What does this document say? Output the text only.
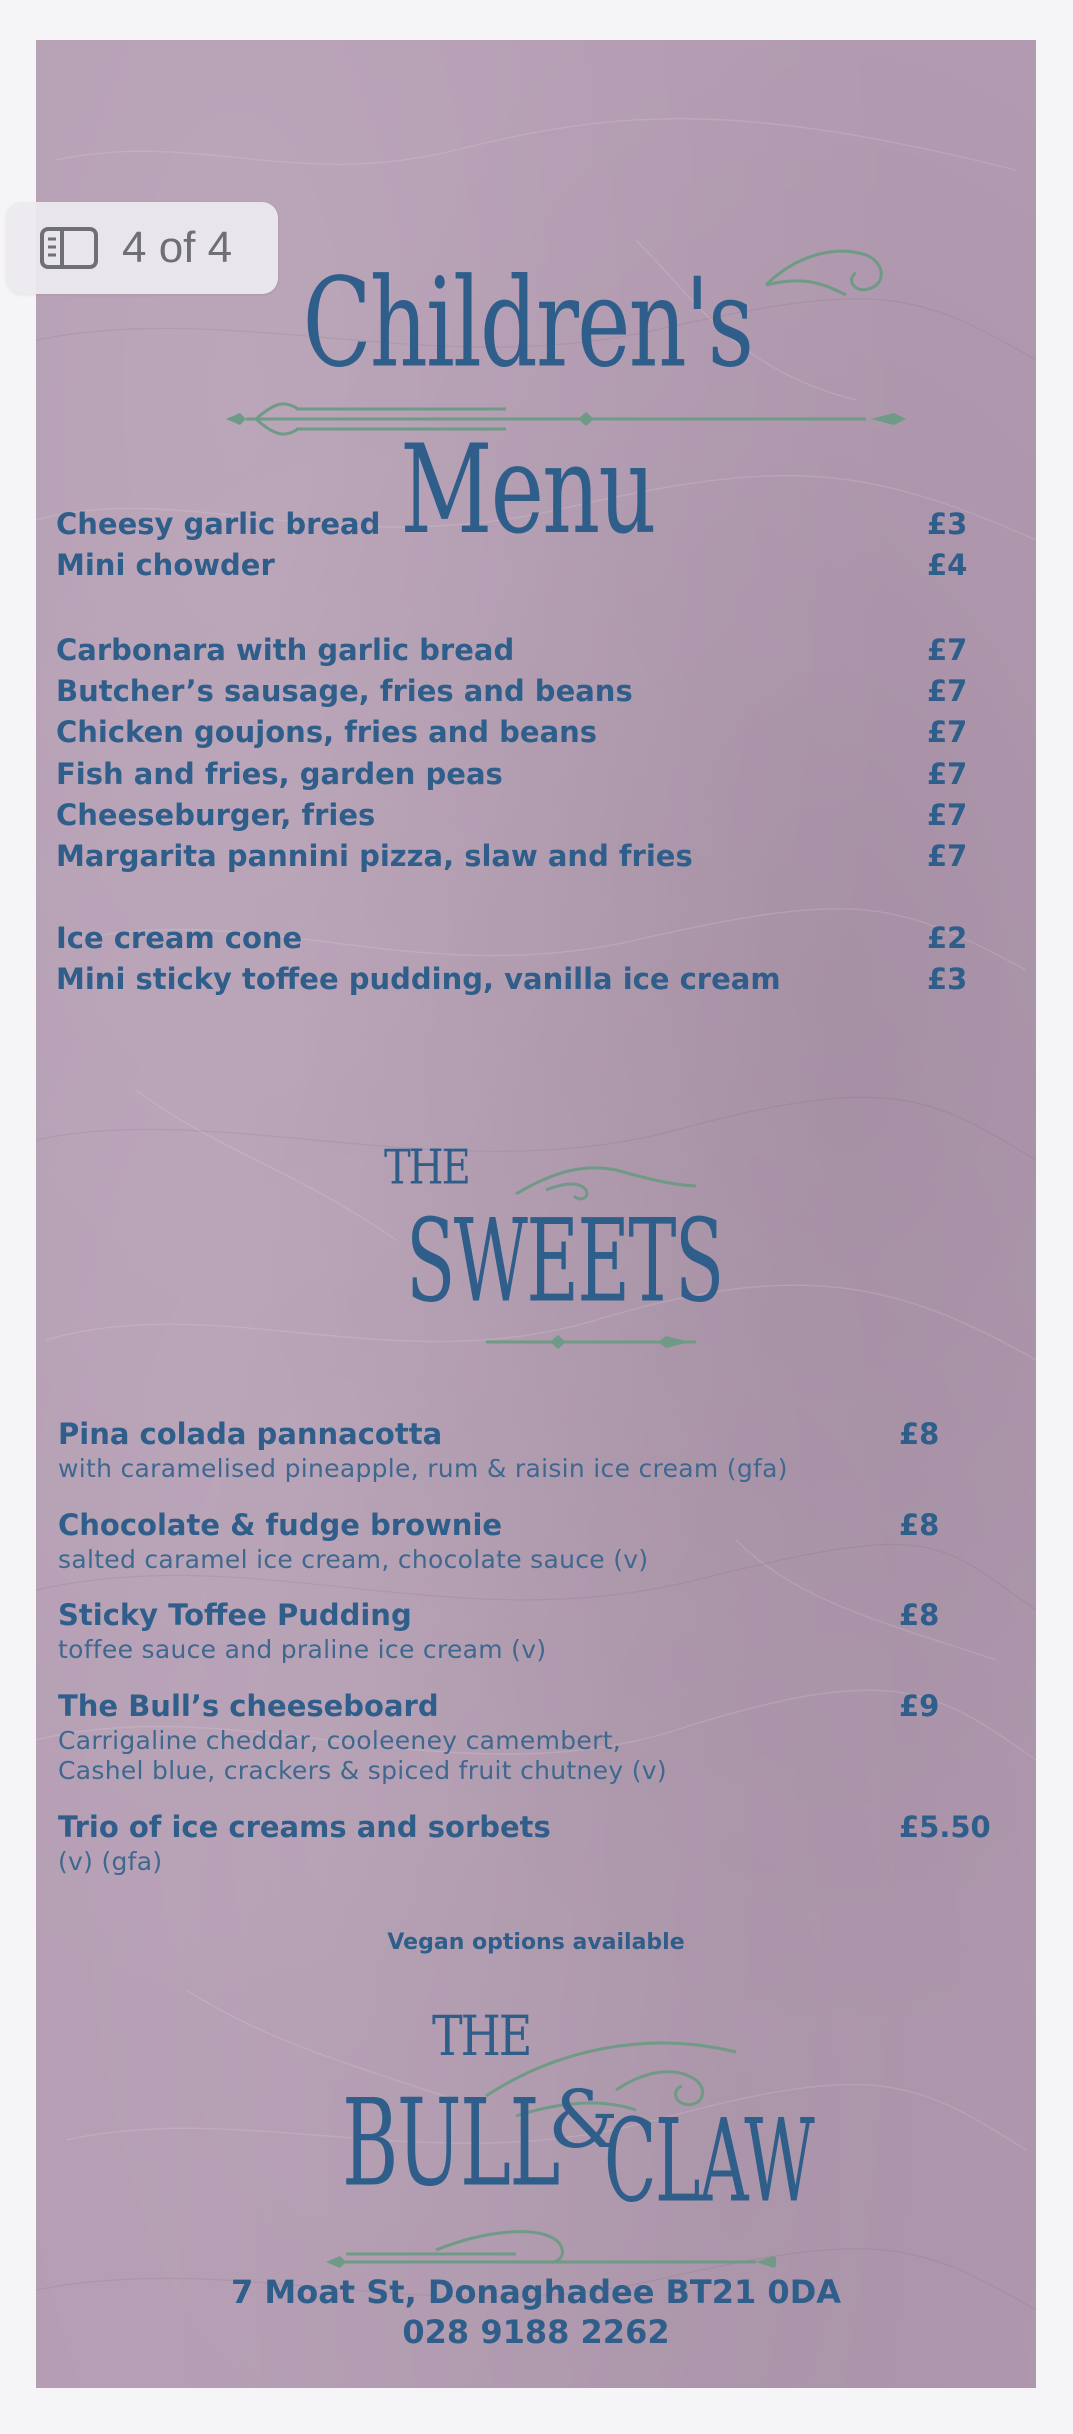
Children's Menu
Cheesy garlic bread	£3
Mini chowder	£4
Carbonara with garlic bread	£7
Butcher’s sausage, fries and beans	£7
Chicken goujons, fries and beans	£7
Fish and fries, garden peas	£7
Cheeseburger, fries	£7
Margarita pannini pizza, slaw and fries	£7
Ice cream cone	£2
Mini sticky toffee pudding, vanilla ice cream	£3
THE
SWEETS
Pina colada pannacotta	£8
with caramelised pineapple, rum & raisin ice cream (gfa)
Chocolate & fudge brownie	£8
salted caramel ice cream, chocolate sauce (v)
Sticky Toffee Pudding	£8
toffee sauce and praline ice cream (v)
The Bull’s cheeseboard	£9
Carrigaline cheddar, cooleeney camembert,
Cashel blue, crackers & spiced fruit chutney (v)
Trio of ice creams and sorbets	£5.50
(v) (gfa)
Vegan options available
THE
BULL
&
CLAW
7 Moat St, Donaghadee BT21 0DA
028 9188 2262
4 of 4
